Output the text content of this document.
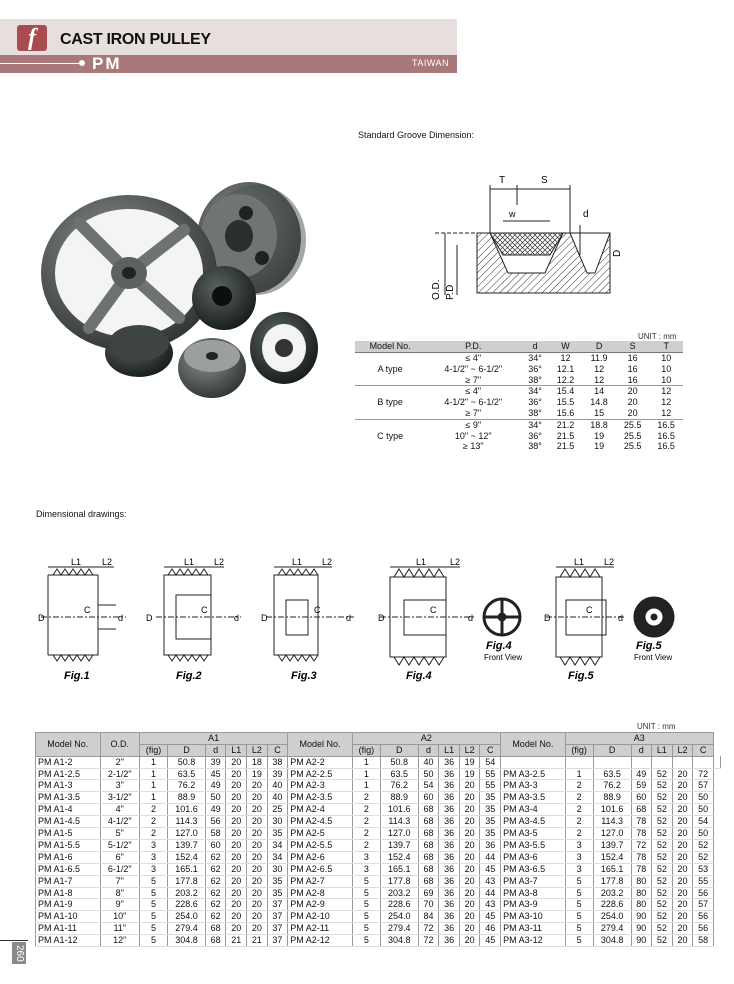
f	CAST IRON PULLEY
PM	TAIWAN
Standard Groove Dimension:
T	S
w	d
D
O.D. P.D
UNIT : mm
Model No.	P.D.	d	W	D	S	T
A type	≤ 4"	34°	12	11.9	16	10
	4-1/2" ~ 6-1/2"	36°	12.1	12	16	10
	≥ 7"	38°	12.2	12	16	10
B type	≤ 4"	34°	15.4	14	20	12
	4-1/2" ~ 6-1/2"	36°	15.5	14.8	20	12
	≥ 7"	38°	15.6	15	20	12
C type	≤ 9"	34°	21.2	18.8	25.5	16.5
	10" ~ 12"	36°	21.5	19	25.5	16.5
	≥ 13"	38°	21.5	19	25.5	16.5
Dimensional drawings:
L1 L2
C
D	d
L1 L2
C
D	d
L1 L2
C
D	d
L1	L2
C
D	d
L1 L2
C
D	d
Fig.1	Fig.2	Fig.3	Fig.4	Fig.5
Fig.4	Fig.5
Front View	Front View
UNIT : mm
Model No.	O.D.	A1						Model No.	A2						Model No.	A3						
		(fig)	D	d	L1	L2	C		(fig)	D	d	L1	L2	C		(fig)	D	d	L1	L2	C	
PM A1-2	2"	1	50.8	39	20	18	38	PM A2-2	1	50.8	40	36	19	54								
PM A1-2.5	2-1/2"	1	63.5	45	20	19	39	PM A2-2.5	1	63.5	50	36	19	55	PM A3-2.5	1	63.5	49	52	20	72	
PM A1-3	3"	1	76.2	49	20	20	40	PM A2-3	1	76.2	54	36	20	55	PM A3-3	2	76.2	59	52	20	57	
PM A1-3.5	3-1/2"	1	88.9	50	20	20	40	PM A2-3.5	2	88.9	60	36	20	35	PM A3-3.5	2	88.9	60	52	20	50	
PM A1-4	4"	2	101.6	49	20	20	25	PM A2-4	2	101.6	68	36	20	35	PM A3-4	2	101.6	68	52	20	50	
PM A1-4.5	4-1/2"	2	114.3	56	20	20	30	PM A2-4.5	2	114.3	68	36	20	35	PM A3-4.5	2	114.3	78	52	20	54	
PM A1-5	5"	2	127.0	58	20	20	35	PM A2-5	2	127.0	68	36	20	35	PM A3-5	2	127.0	78	52	20	50	
PM A1-5.5	5-1/2"	3	139.7	60	20	20	34	PM A2-5.5	2	139.7	68	36	20	36	PM A3-5.5	3	139.7	72	52	20	52	
PM A1-6	6"	3	152.4	62	20	20	34	PM A2-6	3	152.4	68	36	20	44	PM A3-6	3	152.4	78	52	20	52	
PM A1-6.5	6-1/2"	3	165.1	62	20	20	30	PM A2-6.5	3	165.1	68	36	20	45	PM A3-6.5	3	165.1	78	52	20	53	
PM A1-7	7"	5	177.8	62	20	20	35	PM A2-7	5	177.8	68	36	20	43	PM A3-7	5	177.8	80	52	20	55	
PM A1-8	8"	5	203.2	62	20	20	35	PM A2-8	5	203.2	69	36	20	44	PM A3-8	5	203.2	80	52	20	56	
PM A1-9	9"	5	228.6	62	20	20	37	PM A2-9	5	228.6	70	36	20	43	PM A3-9	5	228.6	80	52	20	57	
PM A1-10	10"	5	254.0	62	20	20	37	PM A2-10	5	254.0	84	36	20	45	PM A3-10	5	254.0	90	52	20	56	
PM A1-11	11"	5	279.4	68	20	20	37	PM A2-11	5	279.4	72	36	20	46	PM A3-11	5	279.4	90	52	20	56	
PM A1-12	12"	5	304.8	68	21	21	37	PM A2-12	5	304.8	72	36	20	45	PM A3-12	5	304.8	90	52	20	58	
260
